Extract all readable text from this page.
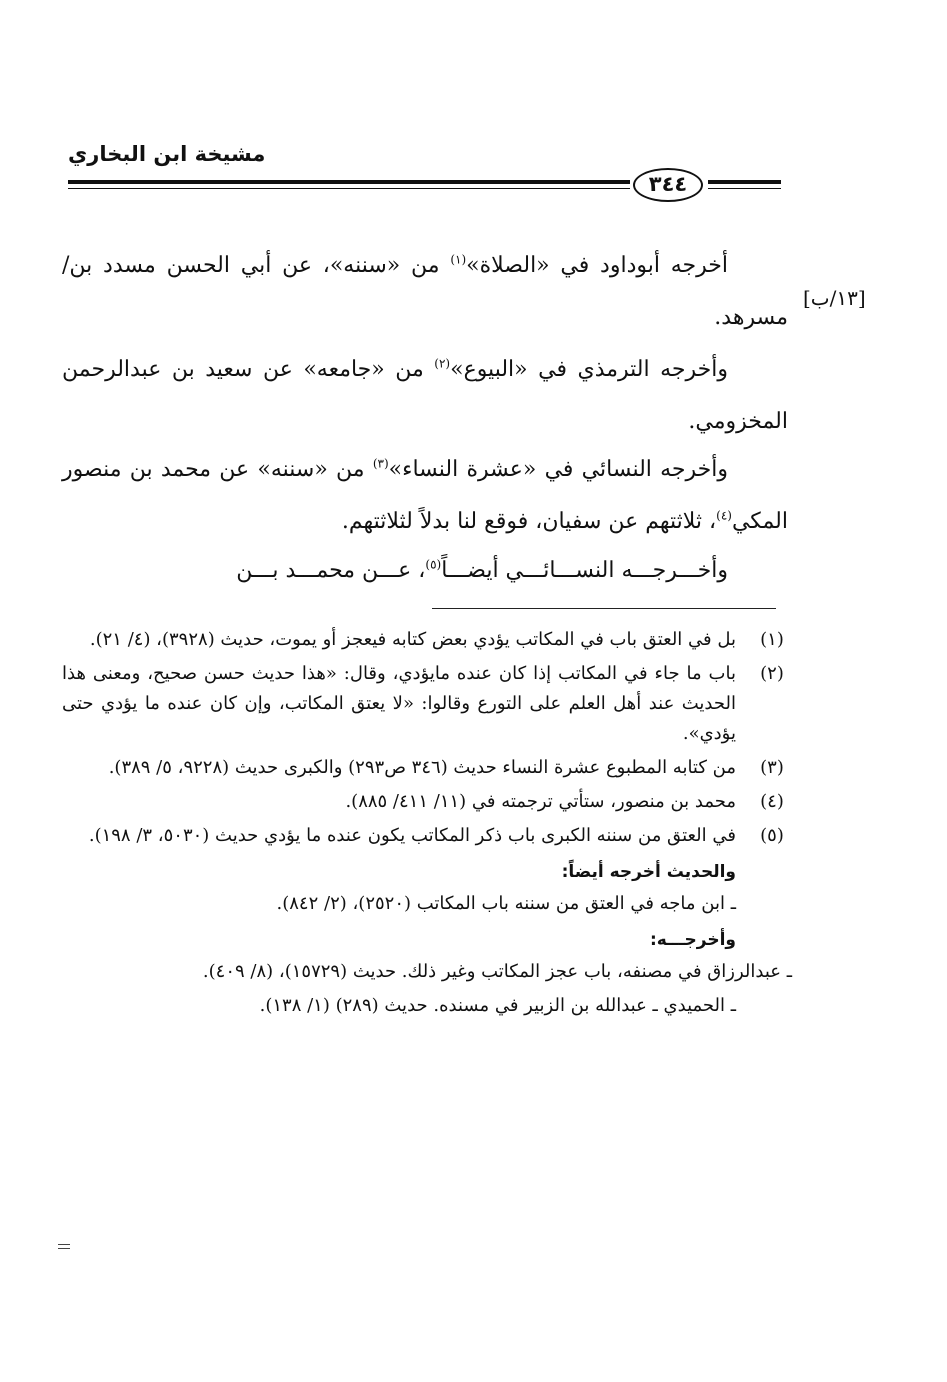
مشيخة ابن البخاري
٣٤٤
[١٣/ب]

أخرجه أبوداود في «الصلاة»$^{(١)}$ من «سننه»، عن أبي الحسن مسدد بن/ مسرهد.

وأخرجه الترمذي في «البيوع»$^{(٢)}$ من «جامعه» عن سعيد بن عبدالرحمن المخزومي.

وأخرجه النسائي في «عشرة النساء»$^{(٣)}$ من «سننه» عن محمد بن منصور المكي$^{(٤)}$، ثلاثتهم عن سفيان، فوقع لنا بدلاً لثلاثتهم.

وأخـــرجـــه النســـائـــي أيضـــاً$^{(٥)}$، عـــن محمـــد بـــن

(١)
بل في العتق باب في المكاتب يؤدي بعض كتابه فيعجز أو يموت، حديث (٣٩٢٨)، (٤/ ٢١).
(٢)
باب ما جاء في المكاتب إذا كان عنده مايؤدي، وقال: «هذا حديث حسن صحيح، ومعنى هذا الحديث عند أهل العلم على التورع وقالوا: «لا يعتق المكاتب، وإن كان عنده ما يؤدي حتى يؤدي».
(٣)
من كتابه المطبوع عشرة النساء حديث (٣٤٦ ص٢٩٣) والكبرى حديث (٩٢٢٨، ٥/ ٣٨٩).
(٤)
محمد بن منصور، ستأتي ترجمته في (١١/ ٤١١/ ٨٨٥).
(٥)
في العتق من سننه الكبرى باب ذكر المكاتب يكون عنده ما يؤدي حديث (٥٠٣٠، ٣/ ١٩٨).
والحديث أخرجه أيضاً:
ـ ابن ماجه في العتق من سننه باب المكاتب (٢٥٢٠)، (٢/ ٨٤٢).
وأخرجـــه:
ـ عبدالرزاق في مصنفه، باب عجز المكاتب وغير ذلك. حديث (١٥٧٢٩)، (٨/ ٤٠٩).
ـ الحميدي ـ عبدالله بن الزبير في مسنده. حديث (٢٨٩) (١/ ١٣٨).
